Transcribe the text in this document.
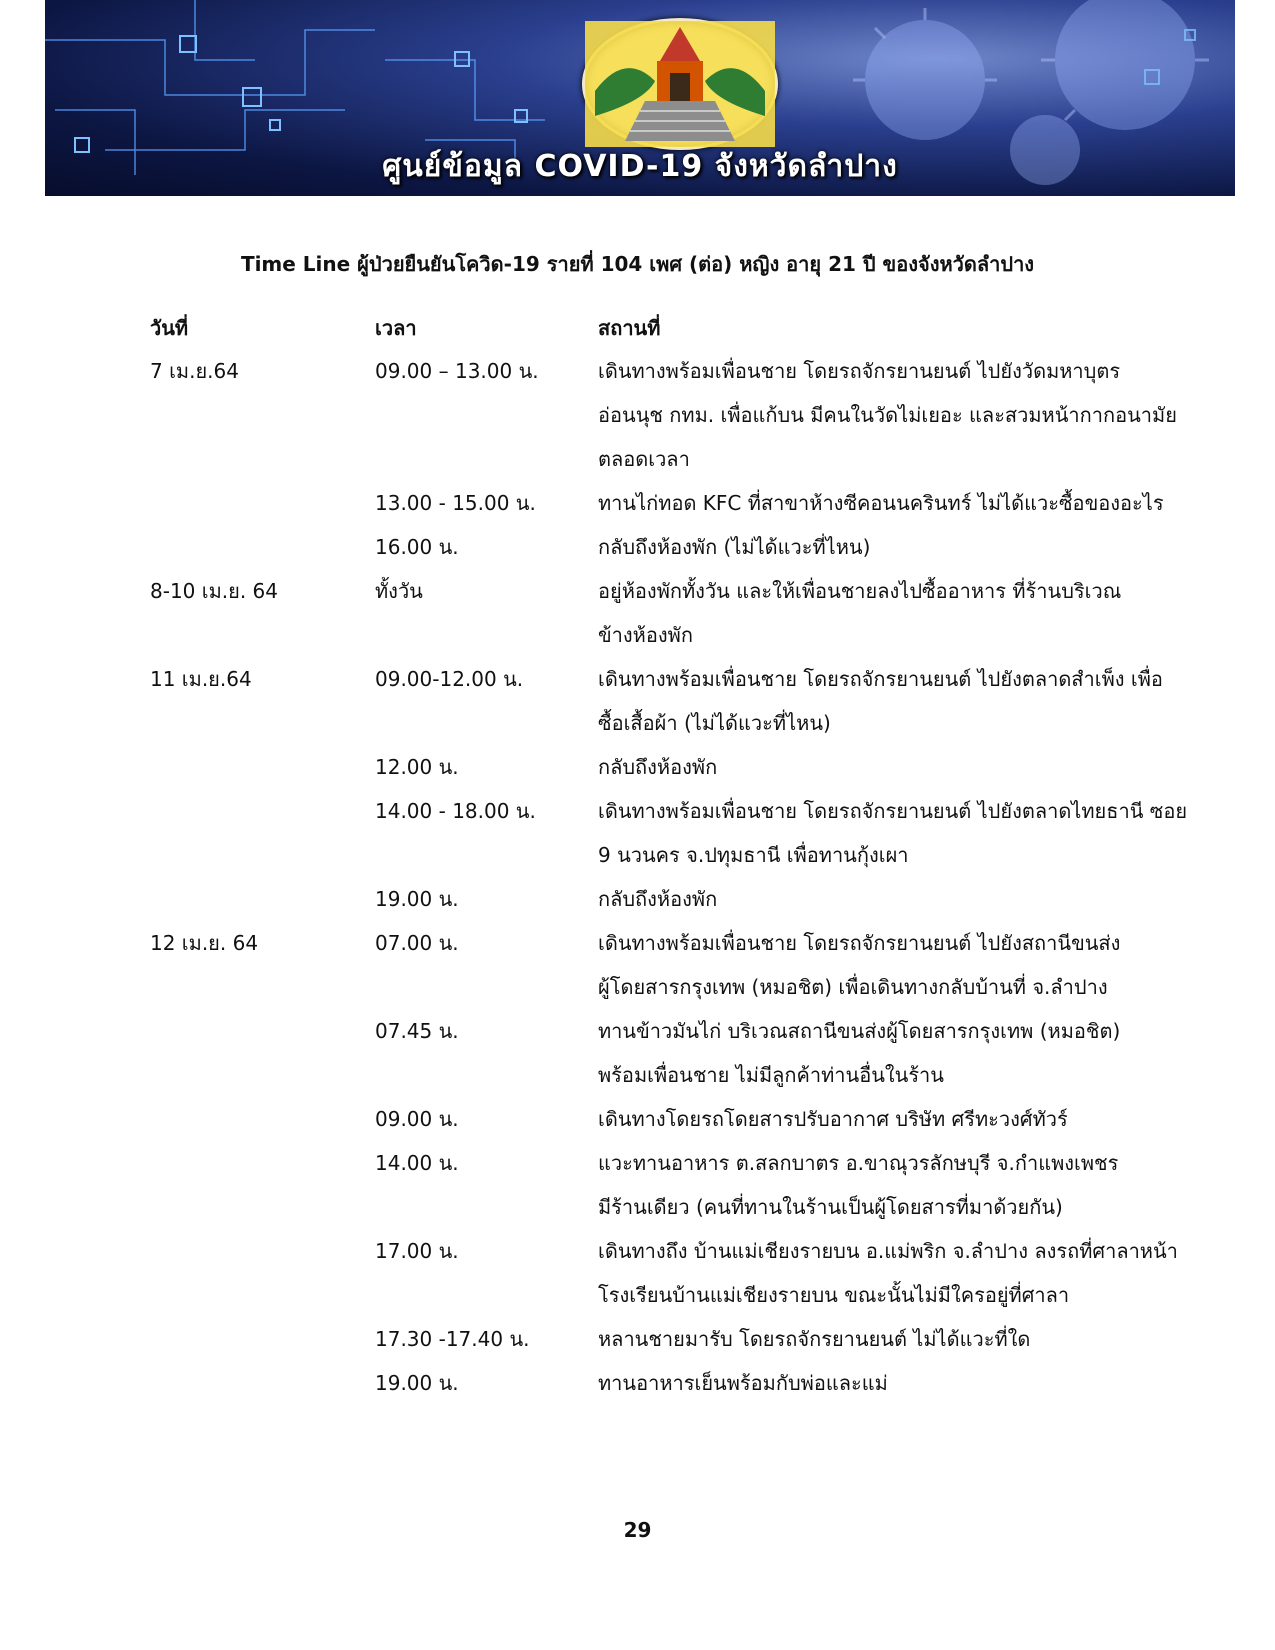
ศูนย์ข้อมูล COVID-19 จังหวัดลำปาง
Time Line ผู้ป่วยยืนยันโควิด-19 รายที่ 104 เพศ (ต่อ) หญิง อายุ 21 ปี ของจังหวัดลำปาง
วันที่	เวลา	สถานที่
7 เม.ย.64	09.00 – 13.00 น.	เดินทางพร้อมเพื่อนชาย โดยรถจักรยานยนต์ ไปยังวัดมหาบุตร
อ่อนนุช กทม. เพื่อแก้บน มีคนในวัดไม่เยอะ และสวมหน้ากากอนามัย
ตลอดเวลา
13.00 - 15.00 น.	ทานไก่ทอด KFC ที่สาขาห้างซีคอนนครินทร์ ไม่ได้แวะซื้อของอะไร
16.00 น.	กลับถึงห้องพัก (ไม่ได้แวะที่ไหน)
8-10 เม.ย. 64	ทั้งวัน	อยู่ห้องพักทั้งวัน และให้เพื่อนชายลงไปซื้ออาหาร ที่ร้านบริเวณ
ข้างห้องพัก
11 เม.ย.64	09.00-12.00 น.	เดินทางพร้อมเพื่อนชาย โดยรถจักรยานยนต์ ไปยังตลาดสำเพ็ง เพื่อ
ซื้อเสื้อผ้า (ไม่ได้แวะที่ไหน)
12.00 น.	กลับถึงห้องพัก
14.00 - 18.00 น.	เดินทางพร้อมเพื่อนชาย โดยรถจักรยานยนต์ ไปยังตลาดไทยธานี ซอย
9 นวนคร จ.ปทุมธานี เพื่อทานกุ้งเผา
19.00 น.	กลับถึงห้องพัก
12 เม.ย. 64	07.00 น.	เดินทางพร้อมเพื่อนชาย โดยรถจักรยานยนต์ ไปยังสถานีขนส่ง
ผู้โดยสารกรุงเทพ (หมอชิต) เพื่อเดินทางกลับบ้านที่ จ.ลำปาง
07.45 น.	ทานข้าวมันไก่ บริเวณสถานีขนส่งผู้โดยสารกรุงเทพ (หมอชิต)
พร้อมเพื่อนชาย ไม่มีลูกค้าท่านอื่นในร้าน
09.00 น.	เดินทางโดยรถโดยสารปรับอากาศ บริษัท ศรีทะวงศ์ทัวร์
14.00 น.	แวะทานอาหาร ต.สลกบาตร อ.ขาณุวรลักษบุรี จ.กำแพงเพชร
มีร้านเดียว (คนที่ทานในร้านเป็นผู้โดยสารที่มาด้วยกัน)
17.00 น.	เดินทางถึง บ้านแม่เชียงรายบน อ.แม่พริก จ.ลำปาง ลงรถที่ศาลาหน้า
โรงเรียนบ้านแม่เชียงรายบน ขณะนั้นไม่มีใครอยู่ที่ศาลา
17.30 -17.40 น.	หลานชายมารับ โดยรถจักรยานยนต์ ไม่ได้แวะที่ใด
19.00 น.	ทานอาหารเย็นพร้อมกับพ่อและแม่
29
